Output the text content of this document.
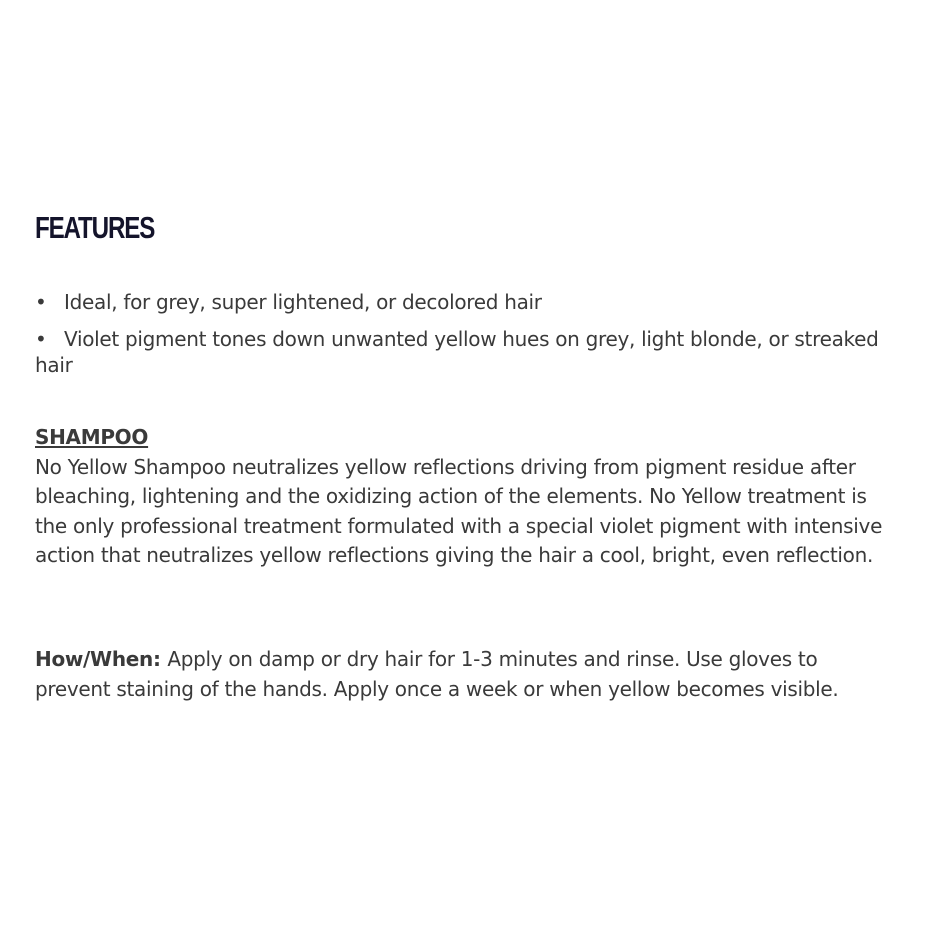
FEATURES
• Ideal, for grey, super lightened, or decolored hair
• Violet pigment tones down unwanted yellow hues on grey, light blonde, or streaked hair
SHAMPOO
No Yellow Shampoo neutralizes yellow reflections driving from pigment residue after bleaching, lightening and the oxidizing action of the elements. No Yellow treatment is the only professional treatment formulated with a special violet pigment with intensive action that neutralizes yellow reflections giving the hair a cool, bright, even reflection.
How/When: Apply on damp or dry hair for 1-3 minutes and rinse. Use gloves to prevent staining of the hands. Apply once a week or when yellow becomes visible.
